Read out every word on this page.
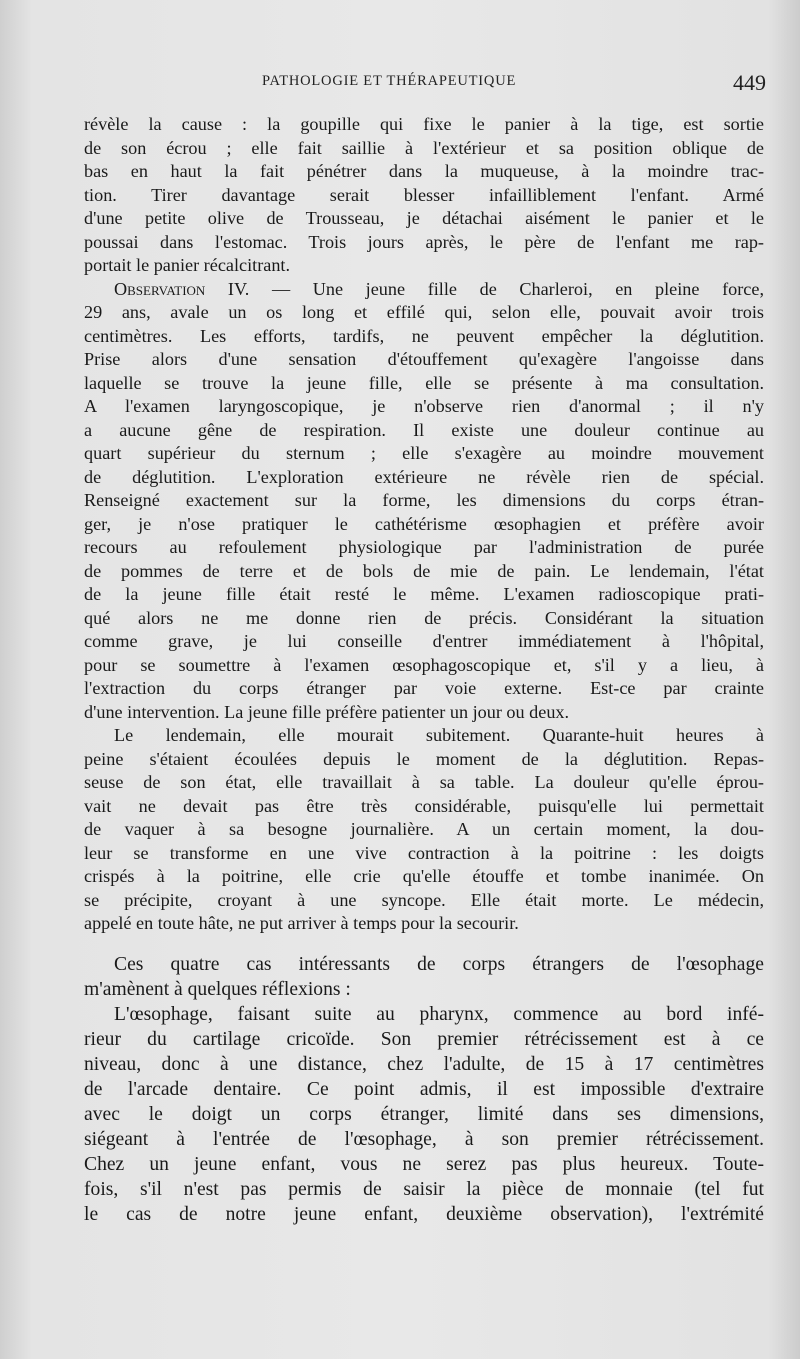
PATHOLOGIE ET THÉRAPEUTIQUE	449
révèle la cause : la goupille qui fixe le panier à la tige, est sortie
de son écrou ; elle fait saillie à l'extérieur et sa position oblique de
bas en haut la fait pénétrer dans la muqueuse, à la moindre trac-
tion. Tirer davantage serait blesser infailliblement l'enfant. Armé
d'une petite olive de Trousseau, je détachai aisément le panier et le
poussai dans l'estomac. Trois jours après, le père de l'enfant me rap-
portait le panier récalcitrant.
Observation IV. — Une jeune fille de Charleroi, en pleine force,
29 ans, avale un os long et effilé qui, selon elle, pouvait avoir trois
centimètres. Les efforts, tardifs, ne peuvent empêcher la déglutition.
Prise alors d'une sensation d'étouffement qu'exagère l'angoisse dans
laquelle se trouve la jeune fille, elle se présente à ma consultation.
A l'examen laryngoscopique, je n'observe rien d'anormal ; il n'y
a aucune gêne de respiration. Il existe une douleur continue au
quart supérieur du sternum ; elle s'exagère au moindre mouvement
de déglutition. L'exploration extérieure ne révèle rien de spécial.
Renseigné exactement sur la forme, les dimensions du corps étran-
ger, je n'ose pratiquer le cathétérisme œsophagien et préfère avoir
recours au refoulement physiologique par l'administration de purée
de pommes de terre et de bols de mie de pain. Le lendemain, l'état
de la jeune fille était resté le même. L'examen radioscopique prati-
qué alors ne me donne rien de précis. Considérant la situation
comme grave, je lui conseille d'entrer immédiatement à l'hôpital,
pour se soumettre à l'examen œsophagoscopique et, s'il y a lieu, à
l'extraction du corps étranger par voie externe. Est-ce par crainte
d'une intervention. La jeune fille préfère patienter un jour ou deux.
Le lendemain, elle mourait subitement. Quarante-huit heures à
peine s'étaient écoulées depuis le moment de la déglutition. Repas-
seuse de son état, elle travaillait à sa table. La douleur qu'elle éprou-
vait ne devait pas être très considérable, puisqu'elle lui permettait
de vaquer à sa besogne journalière. A un certain moment, la dou-
leur se transforme en une vive contraction à la poitrine : les doigts
crispés à la poitrine, elle crie qu'elle étouffe et tombe inanimée. On
se précipite, croyant à une syncope. Elle était morte. Le médecin,
appelé en toute hâte, ne put arriver à temps pour la secourir.
Ces quatre cas intéressants de corps étrangers de l'œsophage
m'amènent à quelques réflexions :
L'œsophage, faisant suite au pharynx, commence au bord infé-
rieur du cartilage cricoïde. Son premier rétrécissement est à ce
niveau, donc à une distance, chez l'adulte, de 15 à 17 centimètres
de l'arcade dentaire. Ce point admis, il est impossible d'extraire
avec le doigt un corps étranger, limité dans ses dimensions,
siégeant à l'entrée de l'œsophage, à son premier rétrécissement.
Chez un jeune enfant, vous ne serez pas plus heureux. Toute-
fois, s'il n'est pas permis de saisir la pièce de monnaie (tel fut
le cas de notre jeune enfant, deuxième observation), l'extrémité
